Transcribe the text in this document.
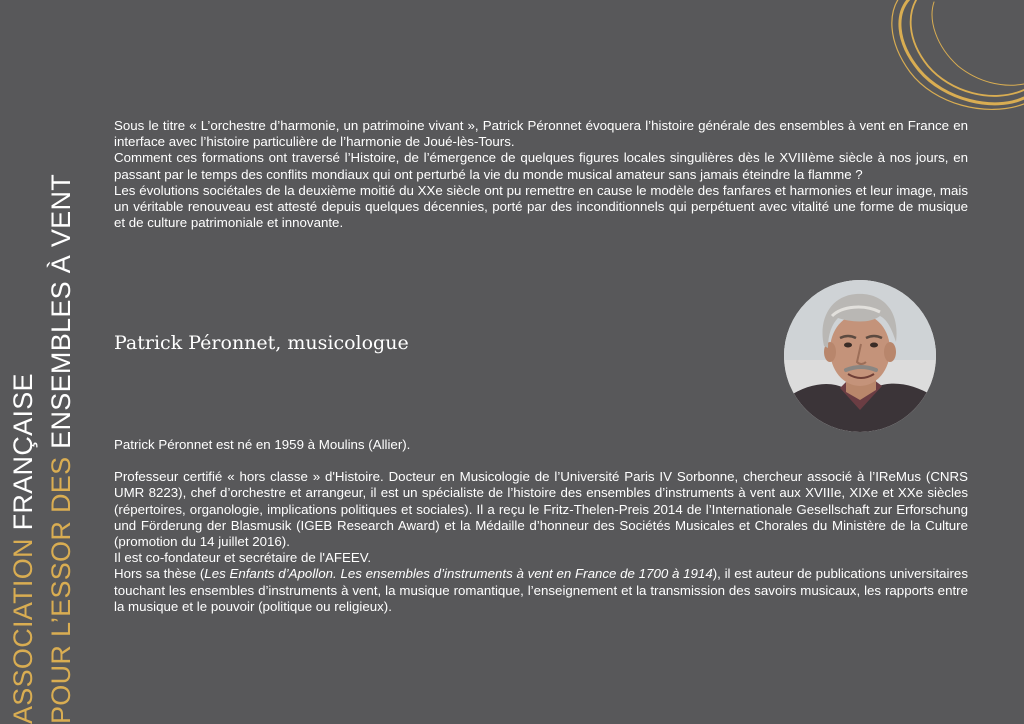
ASSOCIATION FRANÇAISE POUR L’ESSOR DES ENSEMBLES À VENT

Sous le titre « L’orchestre d’harmonie, un patrimoine vivant », Patrick Péronnet évoquera l’histoire générale des ensembles à vent en France en interface avec l’histoire particulière de l’harmonie de Joué-lès-Tours.

Comment ces formations ont traversé l’Histoire, de l’émergence de quelques figures locales singulières dès le XVIIIème siècle à nos jours, en passant par le temps des conflits mondiaux qui ont perturbé la vie du monde musical amateur sans jamais éteindre la flamme ?

Les évolutions sociétales de la deuxième moitié du XXe siècle ont pu remettre en cause le modèle des fanfares et harmonies et leur image, mais un véritable renouveau est attesté depuis quelques décennies, porté par des inconditionnels qui perpétuent avec vitalité une forme de musique et de culture patrimoniale et innovante.

Patrick Péronnet, musicologue

Patrick Péronnet est né en 1959 à Moulins (Allier).

Professeur certifié « hors classe » d'Histoire. Docteur en Musicologie de l’Université Paris IV Sorbonne, chercheur associé à l’IReMus (CNRS UMR 8223), chef d’orchestre et arrangeur, il est un spécialiste de l’histoire des ensembles d’instruments à vent aux XVIIIe, XIXe et XXe siècles (répertoires, organologie, implications politiques et sociales). Il a reçu le Fritz-Thelen-Preis 2014 de l’Internationale Gesellschaft zur Erforschung und Förderung der Blasmusik (IGEB Research Award) et la Médaille d’honneur des Sociétés Musicales et Chorales du Ministère de la Culture (promotion du 14 juillet 2016).

Il est co-fondateur et secrétaire de l'AFEEV.

Hors sa thèse (Les Enfants d’Apollon. Les ensembles d’instruments à vent en France de 1700 à 1914), il est auteur de publications universitaires touchant les ensembles d’instruments à vent, la musique romantique, l’enseignement et la transmission des savoirs musicaux, les rapports entre la musique et le pouvoir (politique ou religieux).
